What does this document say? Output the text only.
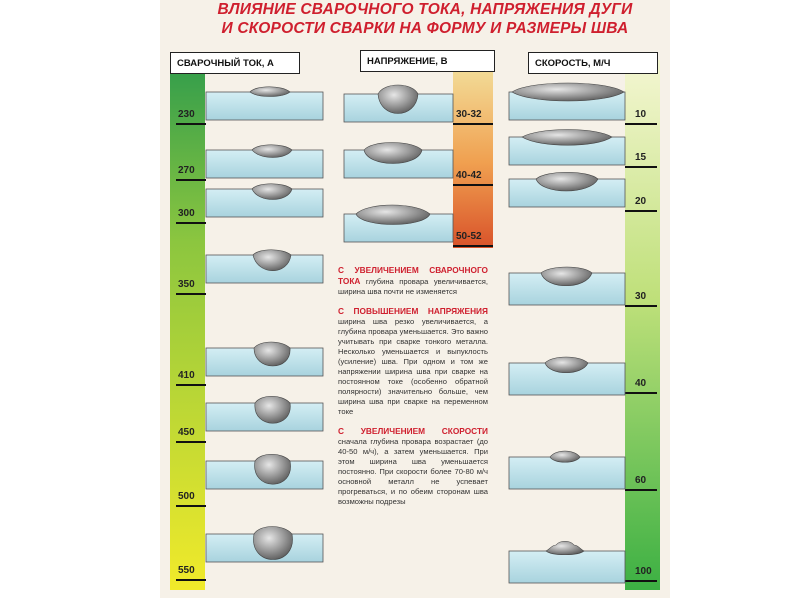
ВЛИЯНИЕ СВАРОЧНОГО ТОКА, НАПРЯЖЕНИЯ ДУГИ
И СКОРОСТИ СВАРКИ НА ФОРМУ И РАЗМЕРЫ ШВА
СВАРОЧНЫЙ ТОК, А	НАПРЯЖЕНИЕ, В	СКОРОСТЬ, М/Ч
230
270
300
350
410
450
500
550
30-32
40-42
50-52
10
15
20
30
40
60
100
С УВЕЛИЧЕНИЕМ СВАРОЧНОГО ТОКА глубина провара увеличивается, ширина шва почти не изменяется
С ПОВЫШЕНИЕМ НАПРЯЖЕНИЯ ширина шва резко увеличивается, а глубина провара уменьшается. Это важно учитывать при сварке тонкого металла. Несколько уменьшается и выпуклость (усиление) шва. При одном и том же напряжении ширина шва при сварке на постоянном токе (особенно обратной полярности) значительно больше, чем ширина шва при сварке на переменном токе
С УВЕЛИЧЕНИЕМ СКОРОСТИ сначала глубина провара возрастает (до 40-50 м/ч), а затем уменьшается. При этом ширина шва уменьшается постоянно. При скорости более 70-80 м/ч основной металл не успевает прогреваться, и по обеим сторонам шва возможны подрезы
